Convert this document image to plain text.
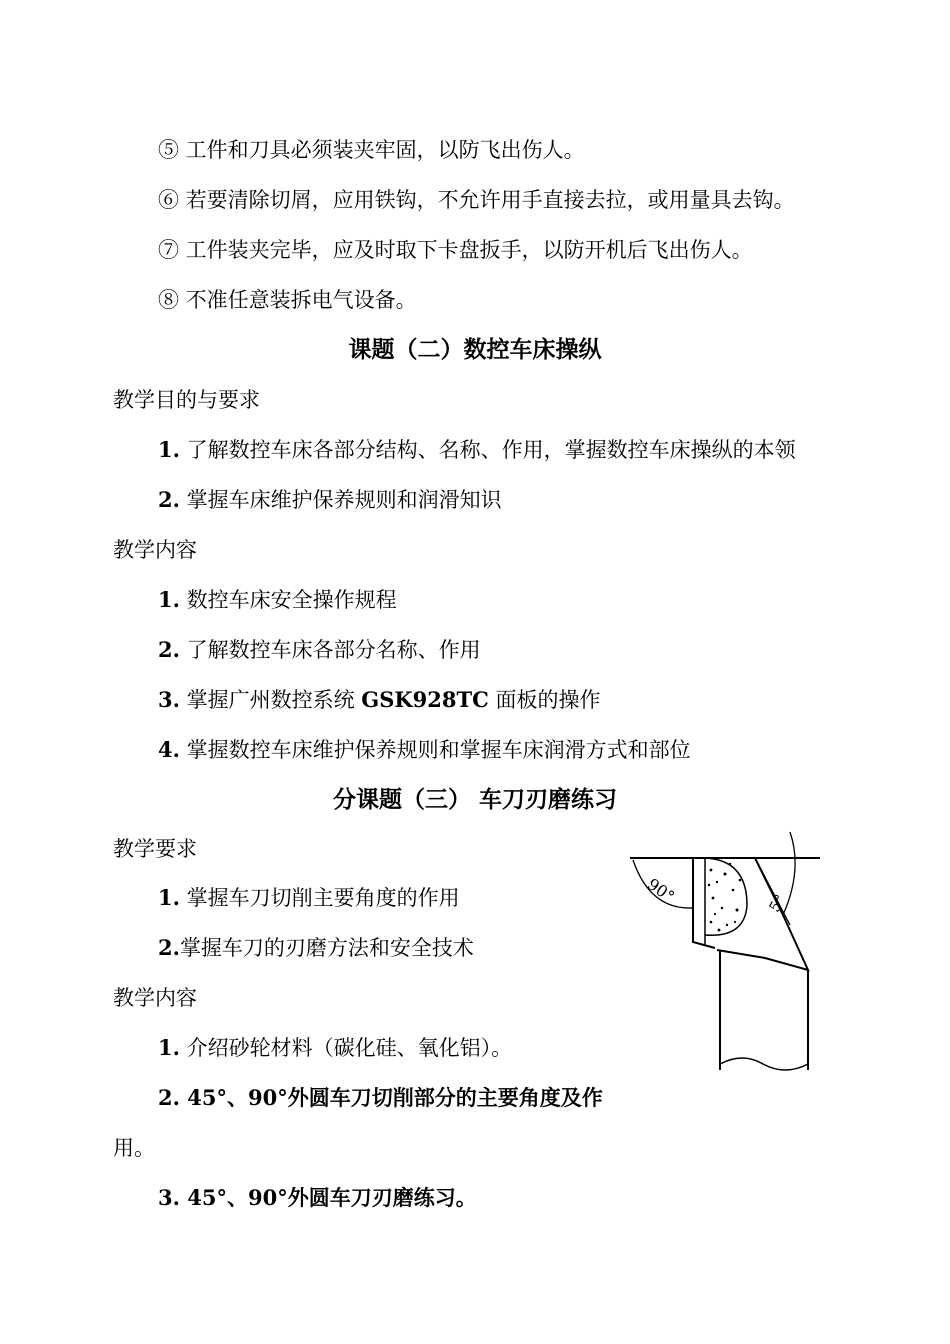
⑤ 工件和刀具必须装夹牢固，以防飞出伤人。
⑥ 若要清除切屑，应用铁钩，不允许用手直接去拉，或用量具去钩。
⑦ 工件装夹完毕，应及时取下卡盘扳手，以防开机后飞出伤人。
⑧ 不准任意装拆电气设备。
课题（二）数控车床操纵
教学目的与要求
1. 了解数控车床各部分结构、名称、作用，掌握数控车床操纵的本领
2. 掌握车床维护保养规则和润滑知识
教学内容
1. 数控车床安全操作规程
2. 了解数控车床各部分名称、作用
3. 掌握广州数控系统 GSK928TC 面板的操作
4. 掌握数控车床维护保养规则和掌握车床润滑方式和部位
分课题（三） 车刀刃磨练习
教学要求
1. 掌握车刀切削主要角度的作用
2.掌握车刀的刃磨方法和安全技术
教学内容
1. 介绍砂轮材料（碳化硅、氧化铝）。
2. 45°、90°外圆车刀切削部分的主要角度及作
用。
3. 45°、90°外圆车刀刃磨练习。
90°	5°
